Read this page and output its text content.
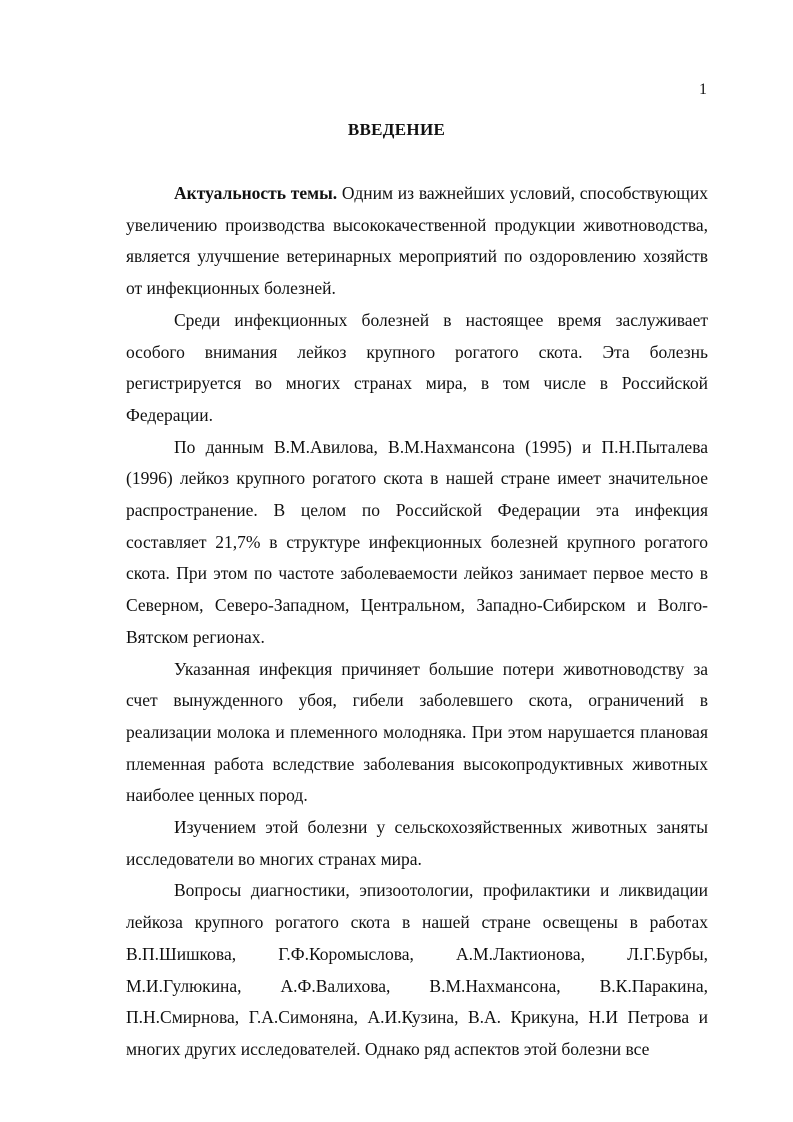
1
ВВЕДЕНИЕ

Актуальность темы. Одним из важнейших условий, способствующих увеличению производства высококачественной продукции животноводства, является улучшение ветеринарных мероприятий по оздоровлению хозяйств от инфекционных болезней.

Среди инфекционных болезней в настоящее время заслуживает особого внимания лейкоз крупного рогатого скота. Эта болезнь регистрируется во многих странах мира, в том числе в Российской Федерации.

По данным В.М.Авилова, В.М.Нахмансона (1995) и П.Н.Пыталева (1996) лейкоз крупного рогатого скота в нашей стране имеет значительное распространение. В целом по Российской Федерации эта инфекция составляет 21,7% в структуре инфекционных болезней крупного рогатого скота. При этом по частоте заболеваемости лейкоз занимает первое место в Северном, Северо-Западном, Центральном, Западно-Сибирском и Волго-Вятском регионах.

Указанная инфекция причиняет большие потери животноводству за счет вынужденного убоя, гибели заболевшего скота, ограничений в реализации молока и племенного молодняка. При этом нарушается плановая племенная работа вследствие заболевания высокопродуктивных животных наиболее ценных пород.

Изучением этой болезни у сельскохозяйственных животных заняты исследователи во многих странах мира.

Вопросы диагностики, эпизоотологии, профилактики и ликвидации лейкоза крупного рогатого скота в нашей стране освещены в работах В.П.Шишкова, Г.Ф.Коромыслова, А.М.Лактионова, Л.Г.Бурбы, М.И.Гулюкина, А.Ф.Валихова, В.М.Нахмансона, В.К.Паракина, П.Н.Смирнова, Г.А.Симоняна, А.И.Кузина, В.А. Крикуна, Н.И Петрова и многих других исследователей. Однако ряд аспектов этой болезни все
